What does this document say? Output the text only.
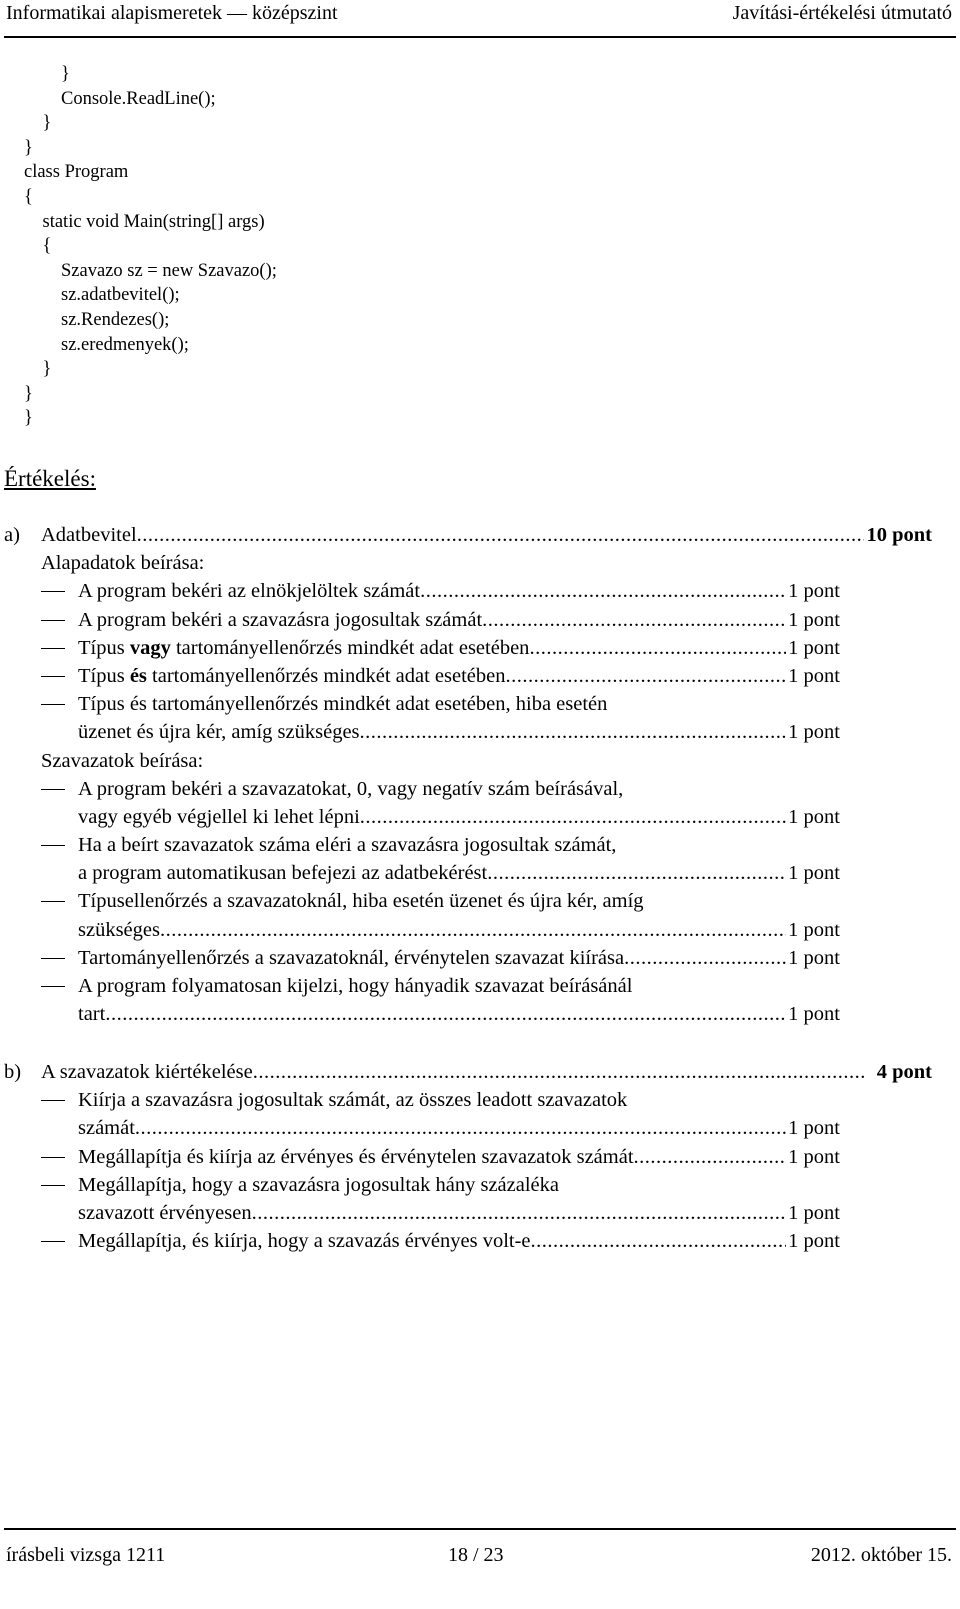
Informatikai alapismeretek — középszint	Javítási-értékelési útmutató
}
Console.ReadLine();
}
}
class Program
{
static void Main(string[] args)
{
Szavazo sz = new Szavazo();
sz.adatbevitel();
sz.Rendezes();
sz.eredmenyek();
}
}
}
Értékelés:
a) Adatbevitel .....	10 pont
Alapadatok beírása:
A program bekéri az elnökjelöltek számát .....	1 pont
A program bekéri a szavazásra jogosultak számát .....	1 pont
Típus vagy tartományellenőrzés mindkét adat esetében .....	1 pont
Típus és tartományellenőrzés mindkét adat esetében .....	1 pont
Típus és tartományellenőrzés mindkét adat esetében, hiba esetén
üzenet és újra kér, amíg szükséges .....	1 pont
Szavazatok beírása:
A program bekéri a szavazatokat, 0, vagy negatív szám beírásával,
vagy egyéb végjellel ki lehet lépni .....	1 pont
Ha a beírt szavazatok száma eléri a szavazásra jogosultak számát,
a program automatikusan befejezi az adatbekérést .....	1 pont
Típusellenőrzés a szavazatoknál, hiba esetén üzenet és újra kér, amíg
szükséges .....	1 pont
Tartományellenőrzés a szavazatoknál, érvénytelen szavazat kiírása .....	1 pont
A program folyamatosan kijelzi, hogy hányadik szavazat beírásánál
tart .....	1 pont
b) A szavazatok kiértékelése .....	4 pont
Kiírja a szavazásra jogosultak számát, az összes leadott szavazatok
számát .....	1 pont
Megállapítja és kiírja az érvényes és érvénytelen szavazatok számát .....	1 pont
Megállapítja, hogy a szavazásra jogosultak hány százaléka
szavazott érvényesen .....	1 pont
Megállapítja, és kiírja, hogy a szavazás érvényes volt-e .....	1 pont
írásbeli vizsga 1211	18 / 23	2012. október 15.
